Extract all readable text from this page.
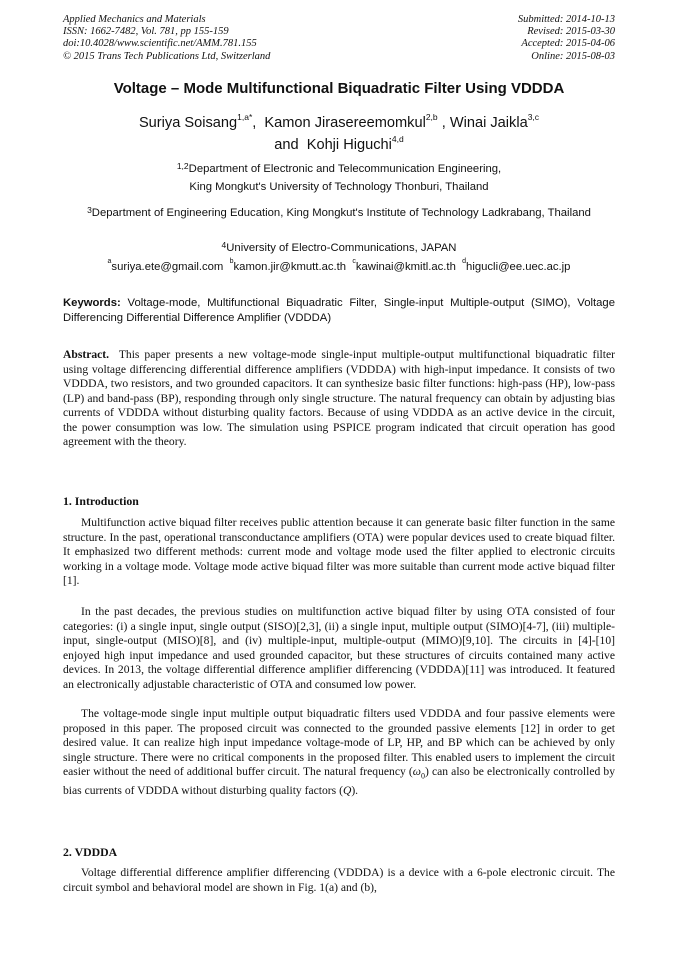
Applied Mechanics and Materials
ISSN: 1662-7482, Vol. 781, pp 155-159
doi:10.4028/www.scientific.net/AMM.781.155
© 2015 Trans Tech Publications Ltd, Switzerland
Submitted: 2014-10-13
Revised: 2015-03-30
Accepted: 2015-04-06
Online: 2015-08-03
Voltage – Mode Multifunctional Biquadratic Filter Using VDDDA
Suriya Soisang$^{1,a*}$,  Kamon Jirasereemomkul$^{2,b}$ , Winai Jaikla$^{3,c}$
and Kohji Higuchi$^{4,d}$
$^{1,2}$Department of Electronic and Telecommunication Engineering,
King Mongkut's University of Technology Thonburi, Thailand
$^3$Department of Engineering Education, King Mongkut's Institute of Technology Ladkrabang, Thailand
$^4$University of Electro-Communications, JAPAN
$^a$suriya.ete@gmail.com $^b$kamon.jir@kmutt.ac.th $^c$kawinai@kmitl.ac.th $^d$higucli@ee.uec.ac.jp
Keywords: Voltage-mode, Multifunctional Biquadratic Filter, Single-input Multiple-output (SIMO), Voltage Differencing Differential Difference Amplifier (VDDDA)
Abstract. This paper presents a new voltage-mode single-input multiple-output multifunctional biquadratic filter using voltage differencing differential difference amplifiers (VDDDA) with high-input impedance. It consists of two VDDDA, two resistors, and two grounded capacitors. It can synthesize basic filter functions: high-pass (HP), low-pass (LP) and band-pass (BP), responding through only single structure. The natural frequency can obtain by adjusting bias currents of VDDDA without disturbing quality factors. Because of using VDDDA as an active device in the circuit, the power consumption was low. The simulation using PSPICE program indicated that circuit operation has good agreement with the theory.
1. Introduction
Multifunction active biquad filter receives public attention because it can generate basic filter function in the same structure. In the past, operational transconductance amplifiers (OTA) were popular devices used to create biquad filter. It emphasized two different methods: current mode and voltage mode used the filter applied to electronic circuits working in a voltage mode. Voltage mode active biquad filter was more suitable than current mode active biquad filter [1].
In the past decades, the previous studies on multifunction active biquad filter by using OTA consisted of four categories: (i) a single input, single output (SISO)[2,3], (ii) a single input, multiple output (SIMO)[4-7], (iii) multiple-input, single-output (MISO)[8], and (iv) multiple-input, multiple-output (MIMO)[9,10]. The circuits in [4]-[10] enjoyed high input impedance and used grounded capacitor, but these structures of circuits contained many active devices. In 2013, the voltage differential difference amplifier differencing (VDDDA)[11] was introduced. It featured an electronically adjustable characteristic of OTA and consumed low power.
The voltage-mode single input multiple output biquadratic filters used VDDDA and four passive elements were proposed in this paper. The proposed circuit was connected to the grounded passive elements [12] in order to get desired value. It can realize high input impedance voltage-mode of LP, HP, and BP which can be achieved by only single structure. There were no critical components in the proposed filter. This enabled users to implement the circuit easier without the need of additional buffer circuit. The natural frequency $(\omega_0)$ can also be electronically controlled by bias currents of VDDDA without disturbing quality factors (Q).
2. VDDDA
Voltage differential difference amplifier differencing (VDDDA) is a device with a 6-pole electronic circuit. The circuit symbol and behavioral model are shown in Fig. 1(a) and (b),
